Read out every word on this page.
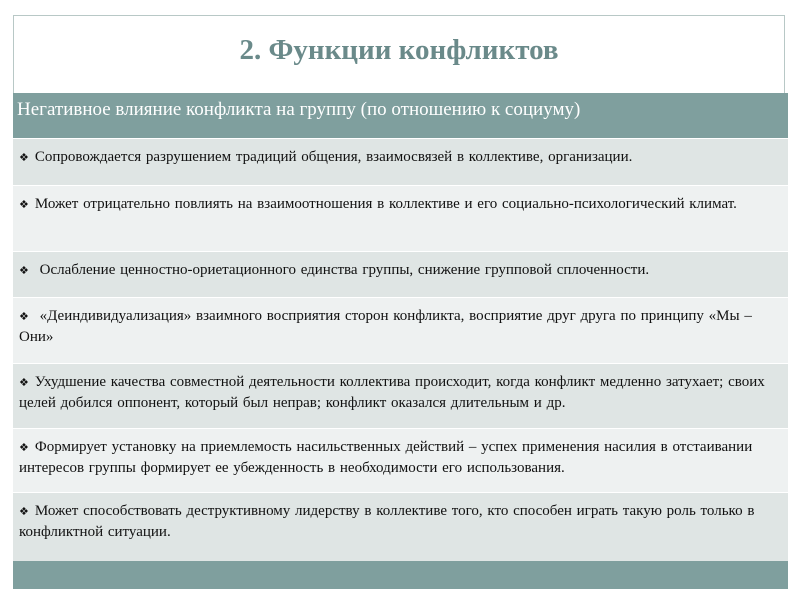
2. Функции конфликтов
Негативное влияние конфликта на группу (по отношению к социуму)
❖ Сопровождается разрушением традиций общения, взаимосвязей в коллективе, организации.
❖ Может отрицательно повлиять на взаимоотношения в коллективе и его социально-психологический климат.
❖ Ослабление ценностно-ориетационного единства группы, снижение групповой сплоченности.
❖ «Деиндивидуализация» взаимного восприятия сторон конфликта, восприятие друг друга по принципу «Мы – Они»
❖ Ухудшение качества совместной деятельности коллектива происходит, когда конфликт медленно затухает; своих целей добился оппонент, который был неправ; конфликт оказался длительным и др.
❖ Формирует установку на приемлемость насильственных действий – успех применения насилия в отстаивании интересов группы формирует ее убежденность в необходимости его использования.
❖ Может способствовать деструктивному лидерству в коллективе того, кто способен играть такую роль только в конфликтной ситуации.
